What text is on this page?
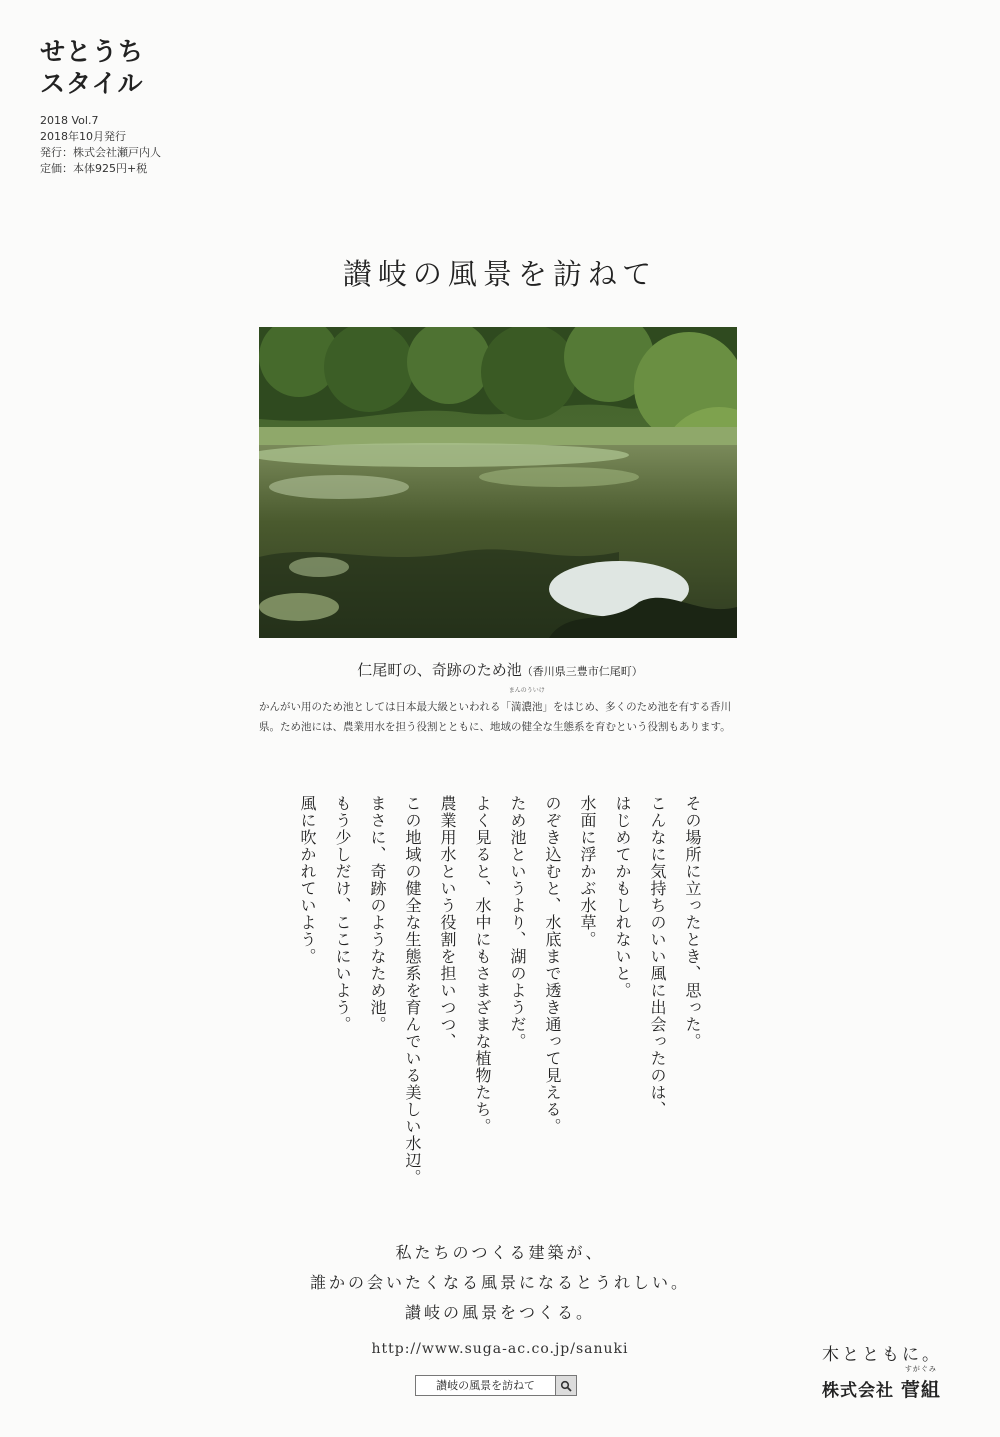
せとうち
スタイル
2018 Vol.7
2018年10月発行
発行：株式会社瀬戸内人
定価：本体925円+税
讃岐の風景を訪ねて
仁尾町の、奇跡のため池（香川県三豊市仁尾町）
かんがい用のため池としては日本最大級といわれる「
まんのういけ
満濃池」をはじめ、多くのため池を有する香川県。ため池には、農業用水を担う役割とともに、地域の健全な生態系を育むという役割もあります。
その場所に立ったとき、思った。
こんなに気持ちのいい風に出会ったのは、
はじめてかもしれないと。
水面に浮かぶ水草。
のぞき込むと、水底まで透き通って見える。
ため池というより、湖のようだ。
よく見ると、水中にもさまざまな植物たち。
農業用水という役割を担いつつ、
この地域の健全な生態系を育んでいる美しい水辺。
まさに、奇跡のようなため池。
もう少しだけ、ここにいよう。
風に吹かれていよう。
私たちのつくる建築が、
誰かの会いたくなる風景になるとうれしい。
讃岐の風景をつくる。
http://www.suga-ac.co.jp/sanuki
讃岐の風景を訪ねて
木とともに。
株式会社
すがぐみ
菅組
